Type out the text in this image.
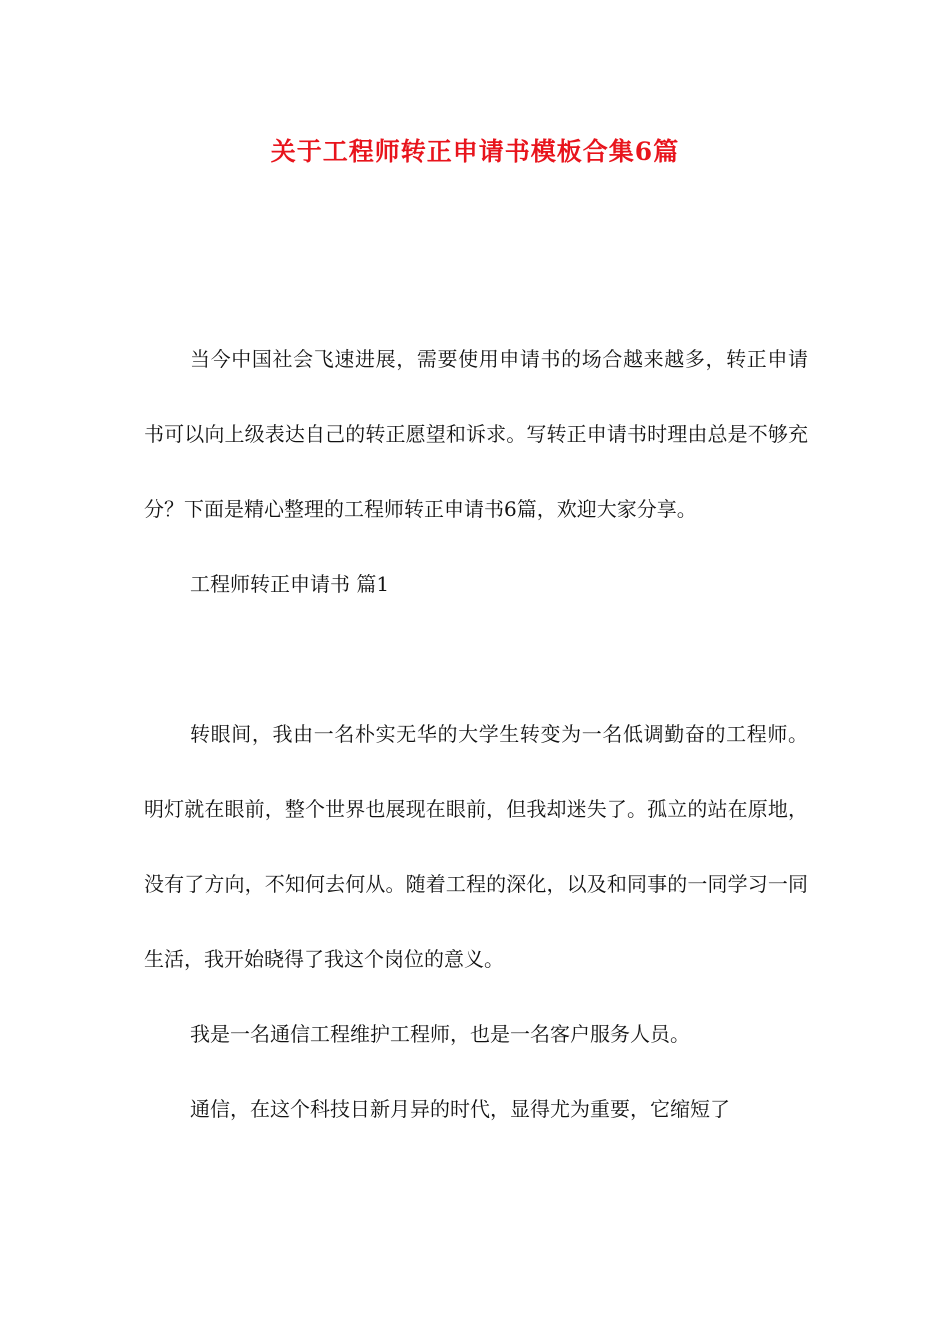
关于工程师转正申请书模板合集6篇

当今中国社会飞速进展，需要使用申请书的场合越来越多，转正申请书可以向上级表达自己的转正愿望和诉求。写转正申请书时理由总是不够充分？下面是精心整理的工程师转正申请书6篇，欢迎大家分享。

工程师转正申请书 篇1

转眼间，我由一名朴实无华的大学生转变为一名低调勤奋的工程师。明灯就在眼前，整个世界也展现在眼前，但我却迷失了。孤立的站在原地，没有了方向，不知何去何从。随着工程的深化，以及和同事的一同学习一同生活，我开始晓得了我这个岗位的意义。

我是一名通信工程维护工程师，也是一名客户服务人员。

通信，在这个科技日新月异的时代，显得尤为重要，它缩短了
